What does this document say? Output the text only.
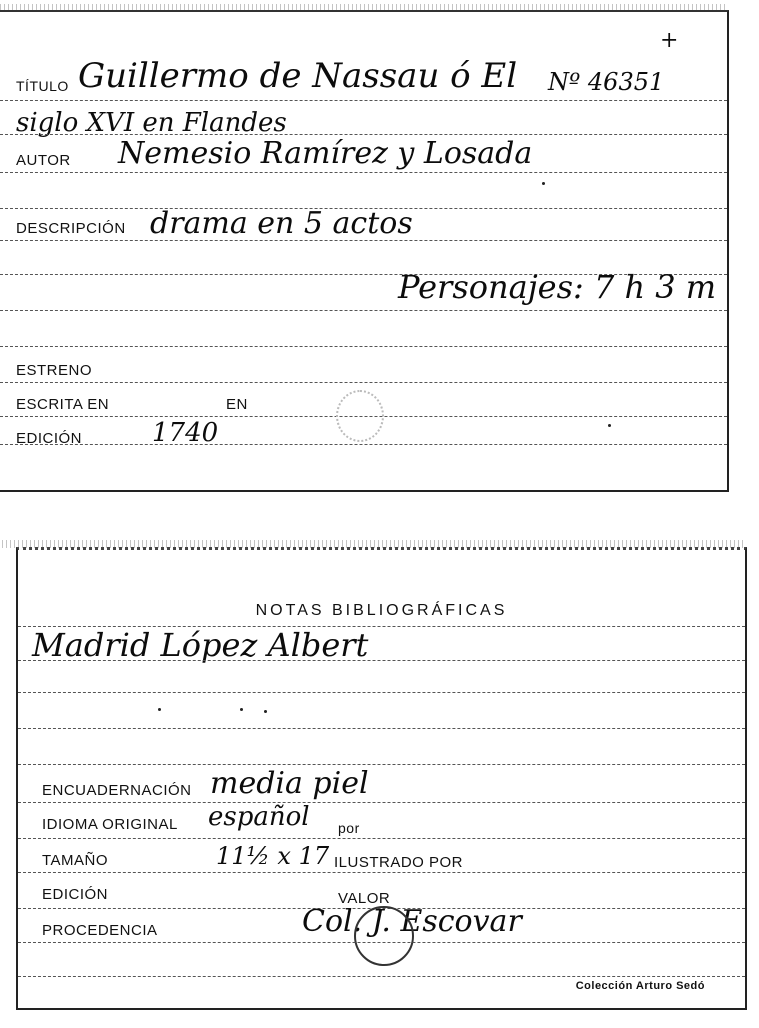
+
TÍTULO Guillermo de Nassau ó El Nº 46351
siglo XVI en Flandes
AUTOR Nemesio Ramírez y Losada
DESCRIPCIÓN drama en 5 actos
Personajes: 7 h 3 m
ESTRENO
ESCRITA EN	EN
EDICIÓN	1740
NOTAS BIBLIOGRÁFICAS
Madrid López Albert
ENCUADERNACIÓN media piel
IDIOMA ORIGINAL español por
TAMAÑO	11½ x 17 ILUSTRADO POR
EDICIÓN	VALOR
PROCEDENCIA	Col. J. Escovar
Colección Arturo Sedó
